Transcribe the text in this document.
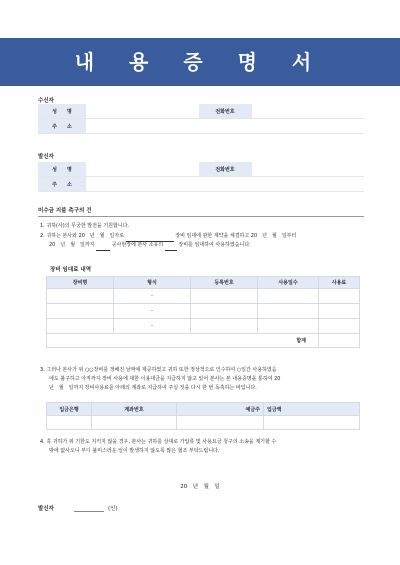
내 용 증 명 서
수신자
성　　명		전화번호	
주　　소			
발신자
성　　명		전화번호	
주　　소			
미수금 지불 촉구의 건
1. 귀하(사)의 무궁한 발전을 기원합니다.
2. 귀하는 본사와 20　년　월　일자로	장비 임대에 관한 계약을 체결하고 20　년　월　일부터
20　년　월　일까지	공사현장에 본사 소유의	장비를 임대하여 사용하였습니다.
장비 임대료 내역
장비명	형식	등록번호	사용일수	사용료
	-			
	-			
	-			
합계				
3. 그러나 본사가 위 ○○장비를 정해진 날짜에 제공하였고 귀하 또한 정상적으로 인수하여 ○일간 사용하였음
에도 불구하고 아직까지 장비 사용에 대한 이용대금을 지급하지 않고 있어 본사는 본 내용증명을 통하여 20
년　월　일까지 장비사용료를 아래의 계좌로 지급하여 주실 것을 다시 한 번 독촉하는 바입니다.
입금은행	계좌번호	예금주	입금액

4. 혹 귀하가 위 기한도 지키지 않을 경우, 본사는 귀하를 상대로 가압류 및 사용요금 청구의 소송을 제기할 수
밖에 없사오니 부디 불미스러운 일이 발생하지 않도록 많은 협조 부탁드립니다.
20　년　월　일
발신자	(인)
